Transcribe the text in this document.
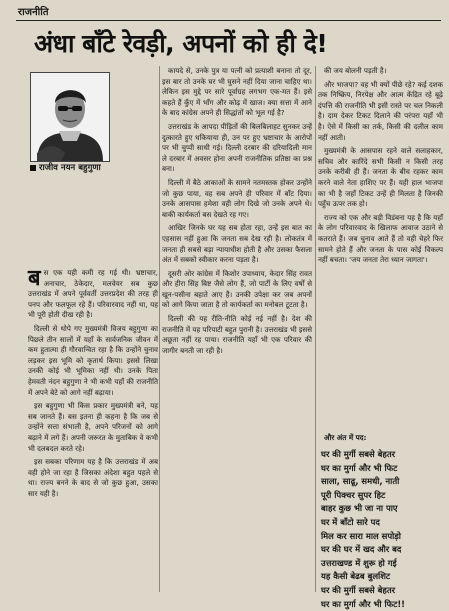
राजनीति
अंधा बाँटे रेवड़ी, अपनों को ही दे!
राजीव नयन बहुगुणा

बस एक यही कमी रह गई थी। भ्रष्टाचार, अनाचार, ठेकेदार, मलवेयर सब कुछ उत्तराखंड में अपने पूर्ववर्ती उत्तरप्रदेश की तरह ही पनप और फलफूल रहे हैं। परिवारवाद नहीं था, यह भी पूरी होती दीख रही है।

दिल्ली से थोपे गए मुख्यमंत्री विजय बहुगुणा का पिछले तीन सालों में यहाँ के सार्वजनिक जीवन में कम हुतात्मा ही गौरवान्वित रहा है कि उन्होंने चुनाव लड़कर इस भूमि को कृतार्थ किया। इससे लिखा उनकी कोई भी भूमिका नहीं थी। उनके पिता हेमवती नंदन बहुगुणा ने भी कभी यहाँ की राजनीति में अपने बेटे को आगे नहीं बढ़ाया।

इस बहुगुणा भी किस प्रकार मुख्यमंत्री बने, यह सब जानते हैं। बस इतना ही कहना है कि जब से उन्होंने सत्ता संभाली है, अपने परिजनों को आगे बढ़ाने में लगे हैं। अपनी जरूरत के मुताबिक वे कभी भी दलबदल करते रहे।

इस सबका परिणाम यह है कि उत्तराखंड में अब वही होने जा रहा है जिसका अंदेशा बहुत पहले से था। राज्य बनने के बाद से जो कुछ हुआ, उसका सार यही है।

कायदे से, उनके पुत्र या पत्नी को प्रत्याशी बनाना तो दूर, इस बार तो उनके घर भी घुसने नहीं दिया जाना चाहिए था। लेकिन इस मुद्दे पर सारे पूर्वाग्रह लगभग एक-मत हैं। इसे कहते हैं कुँए में भाँग और कोढ़ में खाज। क्या सत्ता में आने के बाद कांग्रेस अपने ही सिद्धांतों को भूल गई है?

उत्तराखंड के आपदा पीड़ितों की बिलबिलाहट सुनकर उन्हें दुत्कारते हुए धकियाया ही, उन पर हुए भ्रष्टाचार के आरोपों पर भी चुप्पी साधी गई। दिल्ली दरबार की दरियादिली मान ले दरबार में अवसर होना अपनी राजनीतिक प्रतिष्ठा का प्रश्न बना।

दिल्ली में बैठे आकाओं के सामने नतमस्तक होकर उन्होंने जो कुछ पाया, वह सब अपने ही परिवार में बाँट दिया। उनके आसपास हमेशा वही लोग दिखे जो उनके अपने थे। बाकी कार्यकर्ता बस देखते रह गए।

आखिर जिनके घर यह सब होता रहा, उन्हें इस बात का एहसास नहीं हुआ कि जनता सब देख रही है। लोकतंत्र में जनता ही सबसे बड़ा न्यायाधीश होती है और उसका फैसला अंत में सबको स्वीकार करना पड़ता है।

दूसरी ओर कांग्रेस में किशोर उपाध्याय, केदार सिंह रावत और हीरा सिंह बिष्ट जैसे लोग हैं, जो पार्टी के लिए वर्षों से खून-पसीना बहाते आए हैं। उनकी उपेक्षा कर जब अपनों को आगे किया जाता है तो कार्यकर्ता का मनोबल टूटता है।

दिल्ली की यह रीति-नीति कोई नई नहीं है। देश की राजनीति में यह परिपाटी बहुत पुरानी है। उत्तराखंड भी इससे अछूता नहीं रह पाया। राजनीति यहाँ भी एक परिवार की जागीर बनती जा रही है।

की जय बोलनी पड़ती है।

और भाजपा? वह भी क्यों पीछे रहे? कई दशक तक निष्क्रिय, निरपेक्ष और आत्म केंद्रित रहे बूढ़े दंपत्ति की राजनीति भी इसी रास्ते पर चल निकली है। दाम देकर टिकट दिलाने की परंपरा यहाँ भी है। ऐसे में किसी का तर्क, किसी की दलील काम नहीं आती।

मुख्यमंत्री के आसपास रहने वाले सलाहकार, सचिव और कारिंदे सभी किसी न किसी तरह उनके करीबी ही हैं। जनता के बीच रहकर काम करने वाले नेता हाशिए पर हैं। यही हाल भाजपा का भी है जहाँ टिकट उन्हें ही मिलता है जिनकी पहुँच ऊपर तक हो।

राज्य को एक और बड़ी विडंबना यह है कि यहाँ के लोग परिवारवाद के खिलाफ आवाज उठाने से कतराते हैं। जब चुनाव आते हैं तो वही चेहरे फिर सामने होते हैं और जनता के पास कोई विकल्प नहीं बचता। 'जय जनता तेरा ध्यान जागता'।

और अंत में पद:
घर की मुर्गी सबसे बेहतर
घर का मुर्गा और भी फिट
साला, साढू, समधी, नाती
पूरी पिक्चर सुपर हिट
बाहर कुछ भी जा ना पाए
घर में बाँटो सारे पद
मिल कर सारा माल सपोड़ो
घर की घर में खद और बद
उत्तराखण्ड में शुरू हो गई
यह कैसी बेढब बुलशिट
घर की मुर्गी सबसे बेहतर
घर का मुर्गा और भी फिट!!
